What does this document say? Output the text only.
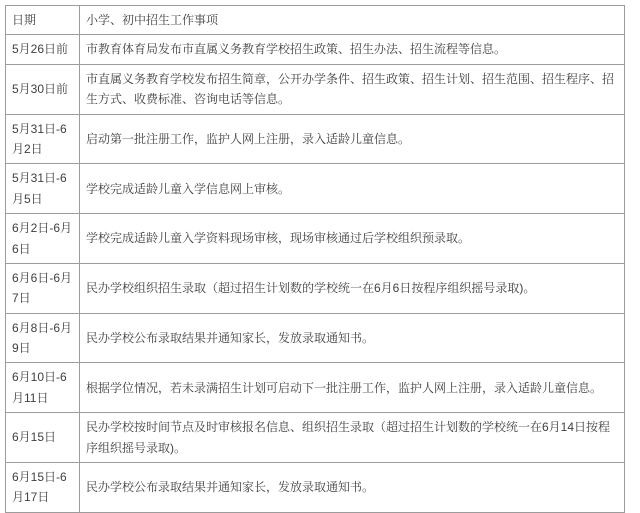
日期	小学、初中招生工作事项
5月26日前	市教育体育局发布市直属义务教育学校招生政策、招生办法、招生流程等信息。
5月30日前	市直属义务教育学校发布招生简章，公开办学条件、招生政策、招生计划、招生范围、招生程序、招生方式、收费标准、咨询电话等信息。
5月31日-6月2日	启动第一批注册工作，监护人网上注册，录入适龄儿童信息。
5月31日-6月5日	学校完成适龄儿童入学信息网上审核。
6月2日-6月6日	学校完成适龄儿童入学资料现场审核，现场审核通过后学校组织预录取。
6月6日-6月7日	民办学校组织招生录取（超过招生计划数的学校统一在6月6日按程序组织摇号录取)。
6月8日-6月9日	民办学校公布录取结果并通知家长，发放录取通知书。
6月10日-6月11日	根据学位情况，若未录满招生计划可启动下一批注册工作，监护人网上注册，录入适龄儿童信息。
6月15日	民办学校按时间节点及时审核报名信息、组织招生录取（超过招生计划数的学校统一在6月14日按程序组织摇号录取)。
6月15日-6月17日	民办学校公布录取结果并通知家长，发放录取通知书。
